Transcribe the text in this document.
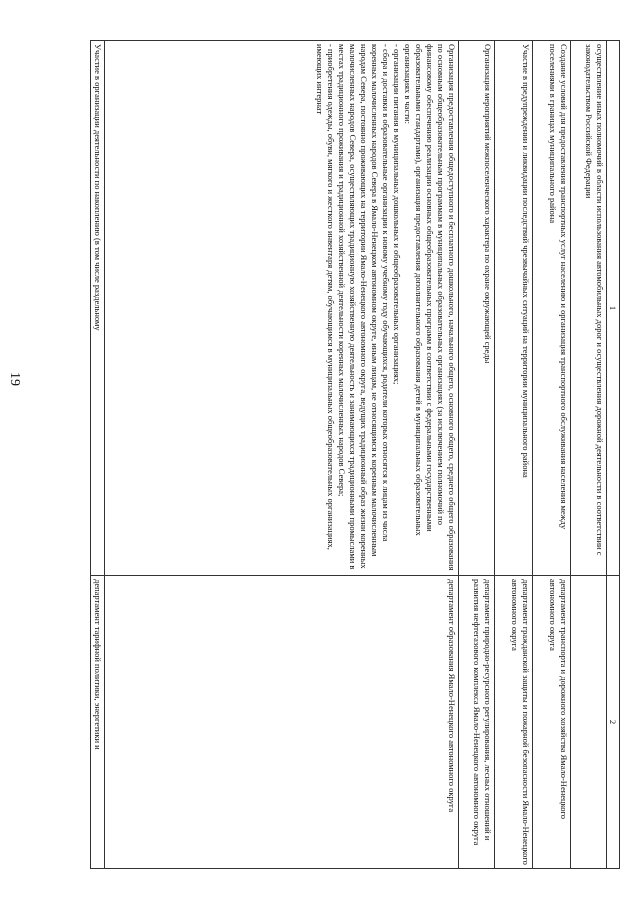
19
1	2
осуществление иных полномочий в области использования автомобильных дорог и осуществления дорожной деятельности в соответствии с законодательством Российской Федерации	
Создание условий для предоставления транспортных услуг населению и организация транспортного обслуживания населения между поселениями в границах муниципального района	департамент транспорта и дорожного хозяйства Ямало-Ненецкого автономного округа
Участие в предупреждении и ликвидации последствий чрезвычайных ситуаций на территории муниципального района	департамент гражданской защиты и пожарной безопасности Ямало-Ненецкого автономного округа
Организация мероприятий межпоселенческого характера по охране окружающей среды	департамент природно-ресурсного регулирования, лесных отношений и развития нефтегазового комплекса Ямало-Ненецкого автономного округа
Организация предоставления общедоступного и бесплатного дошкольного, начального общего, основного общего, среднего общего образования по основным общеобразовательным программам в муниципальных образовательных организациях (за исключением полномочий по финансовому обеспечению реализации основных общеобразовательных программ в соответствии с федеральными государственными образовательными стандартами), организация предоставления дополнительного образования детей в муниципальных образовательных организациях в части:
- организации питания в муниципальных дошкольных и общеобразовательных организациях;
- сбора и доставки в образовательные организации к новому учебному году обучающихся, родители которых относятся к лицам из числа коренных малочисленных народов Севера в Ямало-Ненецком автономном округе, иным лицам, не относящимся к коренным малочисленным народам Севера, постоянно проживающих на территории Ямало-Ненецкого автономного округа, ведущих традиционный образ жизни коренных малочисленных народов Севера, осуществляющих традиционную хозяйственную деятельность и занимающихся традиционными промыслами в местах традиционного проживания и традиционной хозяйственной деятельности коренных малочисленных народов Севера;
- приобретения одежды, обуви, мягкого и жесткого инвентаря детям, обучающимся в муниципальных общеобразовательных организациях, имеющих интернат	департамент образования Ямало-Ненецкого автономного округа
Участие в организации деятельности по накоплению (в том числе раздельному	департамент тарифной политики, энергетики и
